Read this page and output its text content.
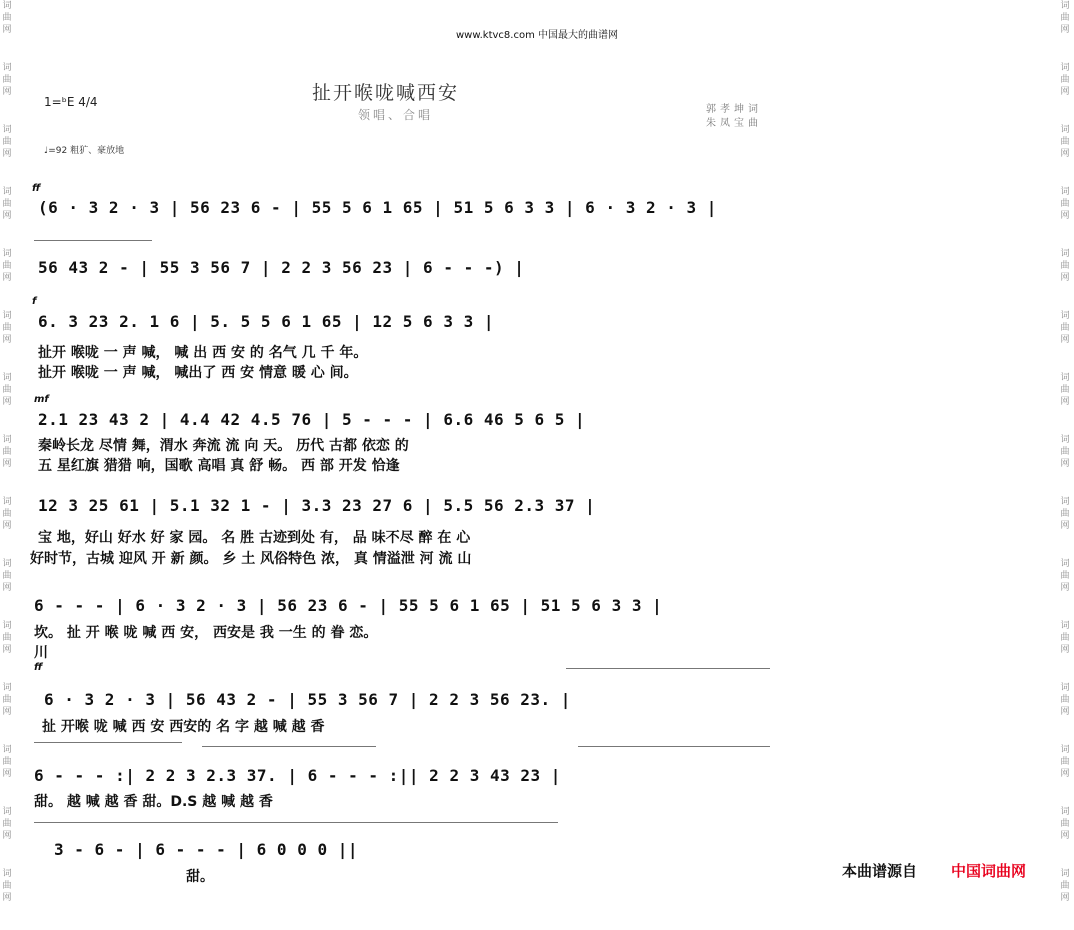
词
曲
网
词
曲
网
词
曲
网
词
曲
网
词
曲
网
词
曲
网
词
曲
网
词
曲
网
词
曲
网
词
曲
网
词
曲
网
词
曲
网
词
曲
网
词
曲
网
词
曲
网
词
曲
网
词
曲
网
词
曲
网
词
曲
网
词
曲
网
词
曲
网
词
曲
网
词
曲
网
词
曲
网
词
曲
网
词
曲
网
词
曲
网
词
曲
网
词
曲
网
词
曲
网
www.ktvc8.com 中国最大的曲谱网
扯开喉咙喊西安
领唱、合唱
1=ᵇE 4/4
♩=92 粗犷、豪放地
郭孝坤词
朱凤宝曲
ff
(6 · 3 2 · 3 | 56 23 6 - | 55 5 6 1 65 | 51 5 6 3 3 | 6 · 3 2 · 3 |
56 43 2 - | 55 3 56 7 | 2 2 3 56 23 | 6 - - -) |
f
6. 3 23 2. 1 6 | 5. 5 5 6 1 65 | 12 5 6 3 3 |
扯开 喉咙 一 声 喊， 喊 出 西 安 的 名气 几 千 年。
扯开 喉咙 一 声 喊， 喊出了 西 安 情意 暖 心 间。
mf
2.1 23 43 2 | 4.4 42 4.5 76 | 5 - - - | 6.6 46 5 6 5 |
秦岭长龙 尽情 舞，渭水 奔流 流 向 天。 历代 古都 依恋 的
五 星红旗 猎猎 响，国歌 高唱 真 舒 畅。 西 部 开发 恰逢
12 3 25 61 | 5.1 32 1 - | 3.3 23 27 6 | 5.5 56 2.3 37 |
宝 地，好山 好水 好 家 园。 名 胜 古迹到处 有， 品 味不尽 醉 在 心
好时节，古城 迎风 开 新 颜。 乡 土 风俗特色 浓， 真 情溢泄 河 流 山
6 - - - | 6 · 3 2 · 3 | 56 23 6 - | 55 5 6 1 65 | 51 5 6 3 3 |
坎。 扯 开 喉 咙 喊 西 安， 西安是 我 一生 的 眷 恋。
川
ff
6 · 3 2 · 3 | 56 43 2 - | 55 3 56 7 | 2 2 3 56 23. |
扯 开喉 咙 喊 西 安 西安的 名 字 越 喊 越 香
6 - - - :| 2 2 3 2.3 37. | 6 - - - :|| 2 2 3 43 23 |
甜。 越 喊 越 香 甜。D.S 越 喊 越 香
3 - 6 - | 6 - - - | 6 0 0 0 ||
甜。	本曲谱源自 中国词曲网
